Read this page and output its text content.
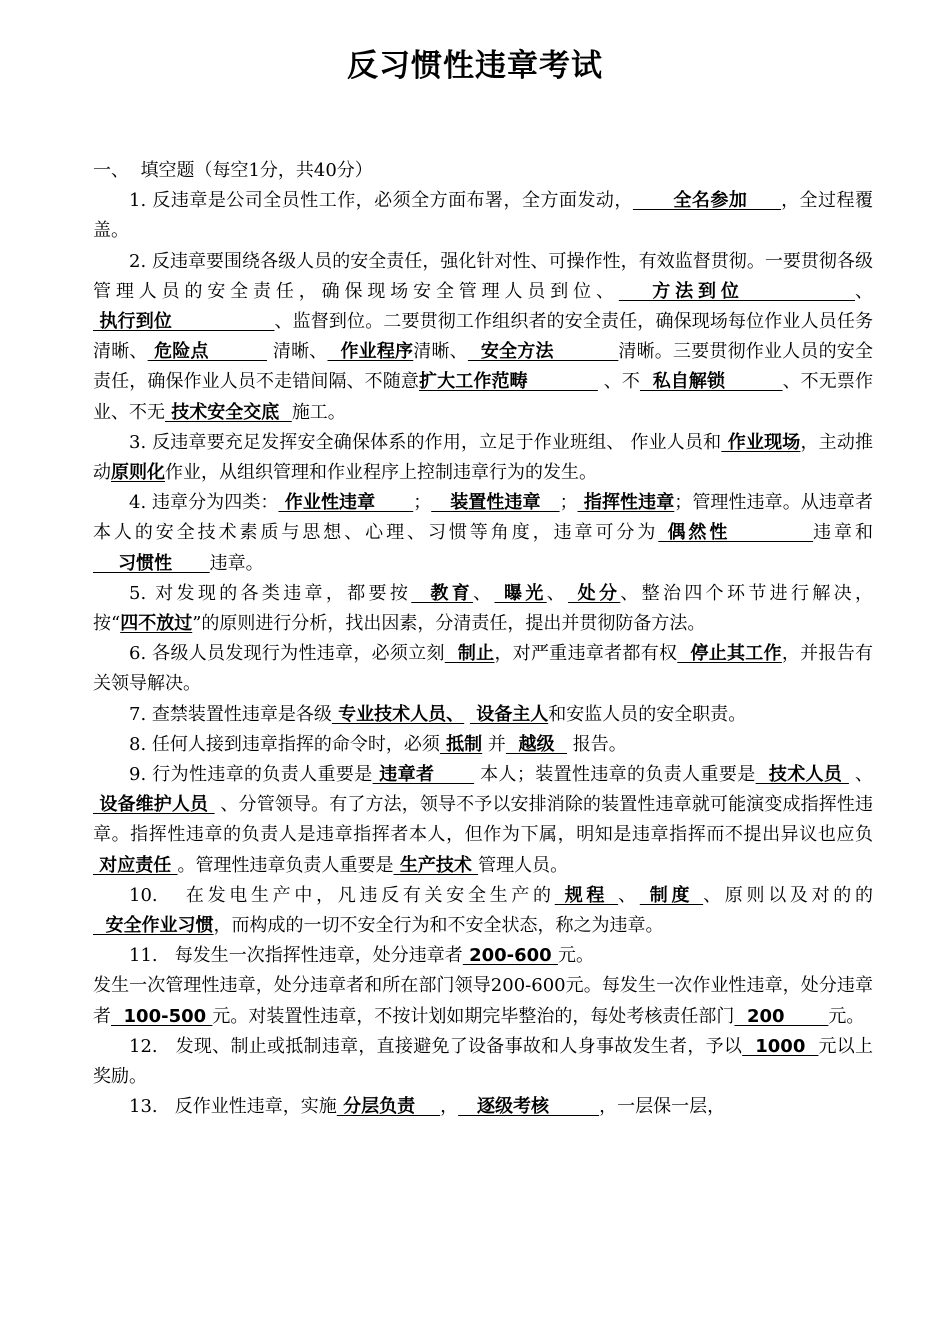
反习惯性违章考试

一、  填空题（每空1分，共40分）

1. 反违章是公司全员性工作，必须全方面布署，全方面发动，      全名参加     ，全过程覆盖。

2. 反违章要围绕各级人员的安全责任，强化针对性、可操作性，有效监督贯彻。一要贯彻各级管理人员的安全责任，确保现场安全管理人员到位、   方法到位          、 执行到位                、监督到位。二要贯彻工作组织者的安全责任，确保现场每位作业人员任务清晰、 危险点          清晰、  作业程序清晰、  安全方法          清晰。三要贯彻作业人员的安全责任，确保作业人员不走错间隔、不随意扩大工作范畴            、不  私自解锁         、不无票作业、不无 技术安全交底  施工。

3. 反违章要充足发挥安全确保体系的作用，立足于作业班组、 作业人员和 作业现场，主动推动原则化作业，从组织管理和作业程序上控制违章行为的发生。

4. 违章分为四类： 作业性违章      ；   装置性违章   ； 指挥性违章；管理性违章。从违章者本人的安全技术素质与思想、心理、习惯等角度，违章可分为 偶然性         违章和    习惯性      违章。

5. 对发现的各类违章，都要按  教育、 曝光、 处分、整治四个环节进行解决，按“四不放过”的原则进行分析，找出因素，分清责任，提出并贯彻防备方法。

6. 各级人员发现行为性违章，必须立刻  制止，对严重违章者都有权  停止其工作，并报告有关领导解决。

7. 查禁装置性违章是各级 专业技术人员、  设备主人和安监人员的安全职责。

8. 任何人接到违章指挥的命令时，必须 抵制 并  越级   报告。

9. 行为性违章的负责人重要是 违章者       本人；装置性违章的负责人重要是  技术人员  、 设备维护人员  、分管领导。有了方法，领导不予以安排消除的装置性违章就可能演变成指挥性违章。指挥性违章的负责人是违章指挥者本人，但作为下属，明知是违章指挥而不提出异议也应负 对应责任 。管理性违章负责人重要是 生产技术 管理人员。

10.   在发电生产中，凡违反有关安全生产的 规程 、 制度 、原则以及对的的  安全作业习惯，而构成的一切不安全行为和不安全状态，称之为违章。

11.   每发生一次指挥性违章，处分违章者 200-600 元。

发生一次管理性违章，处分违章者和所在部门领导200-600元。每发生一次作业性违章，处分违章者  100-500 元。对装置性违章，不按计划如期完毕整治的，每处考核责任部门  200       元。

12.   发现、制止或抵制违章，直接避免了设备事故和人身事故发生者，予以  1000  元以上奖励。

13.   反作业性违章，实施 分层负责    ，   逐级考核        ，一层保一层，
